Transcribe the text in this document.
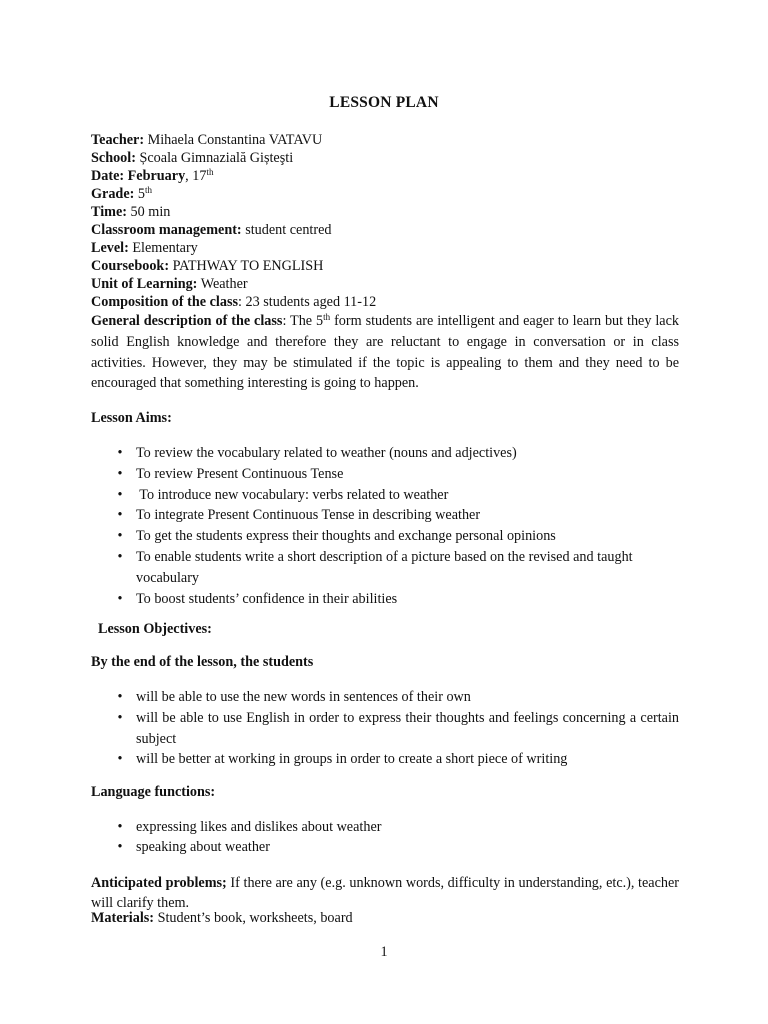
LESSON PLAN
Teacher: Mihaela Constantina VATAVU
School: Școala Gimnazială Gișteşti
Date: February, 17th
Grade: 5th
Time: 50 min
Classroom management: student centred
Level: Elementary
Coursebook: PATHWAY TO ENGLISH
Unit of Learning: Weather
Composition of the class: 23 students aged 11-12
General description of the class: The 5th form students are intelligent and eager to learn but they lack solid English knowledge and therefore they are reluctant to engage in conversation or in class activities. However, they may be stimulated if the topic is appealing to them and they need to be encouraged that something interesting is going to happen.
Lesson Aims:
• To review the vocabulary related to weather (nouns and adjectives)
• To review Present Continuous Tense
• To introduce new vocabulary: verbs related to weather
• To integrate Present Continuous Tense in describing weather
• To get the students express their thoughts and exchange personal opinions
• To enable students write a short description of a picture based on the revised and taught vocabulary
• To boost students’ confidence in their abilities
Lesson Objectives:
By the end of the lesson, the students
• will be able to use the new words in sentences of their own
• will be able to use English in order to express their thoughts and feelings concerning a certain subject
• will be better at working in groups in order to create a short piece of writing
Language functions:
• expressing likes and dislikes about weather
• speaking about weather
Anticipated problems; If there are any (e.g. unknown words, difficulty in understanding, etc.), teacher will clarify them.
Materials: Student’s book, worksheets, board
1
